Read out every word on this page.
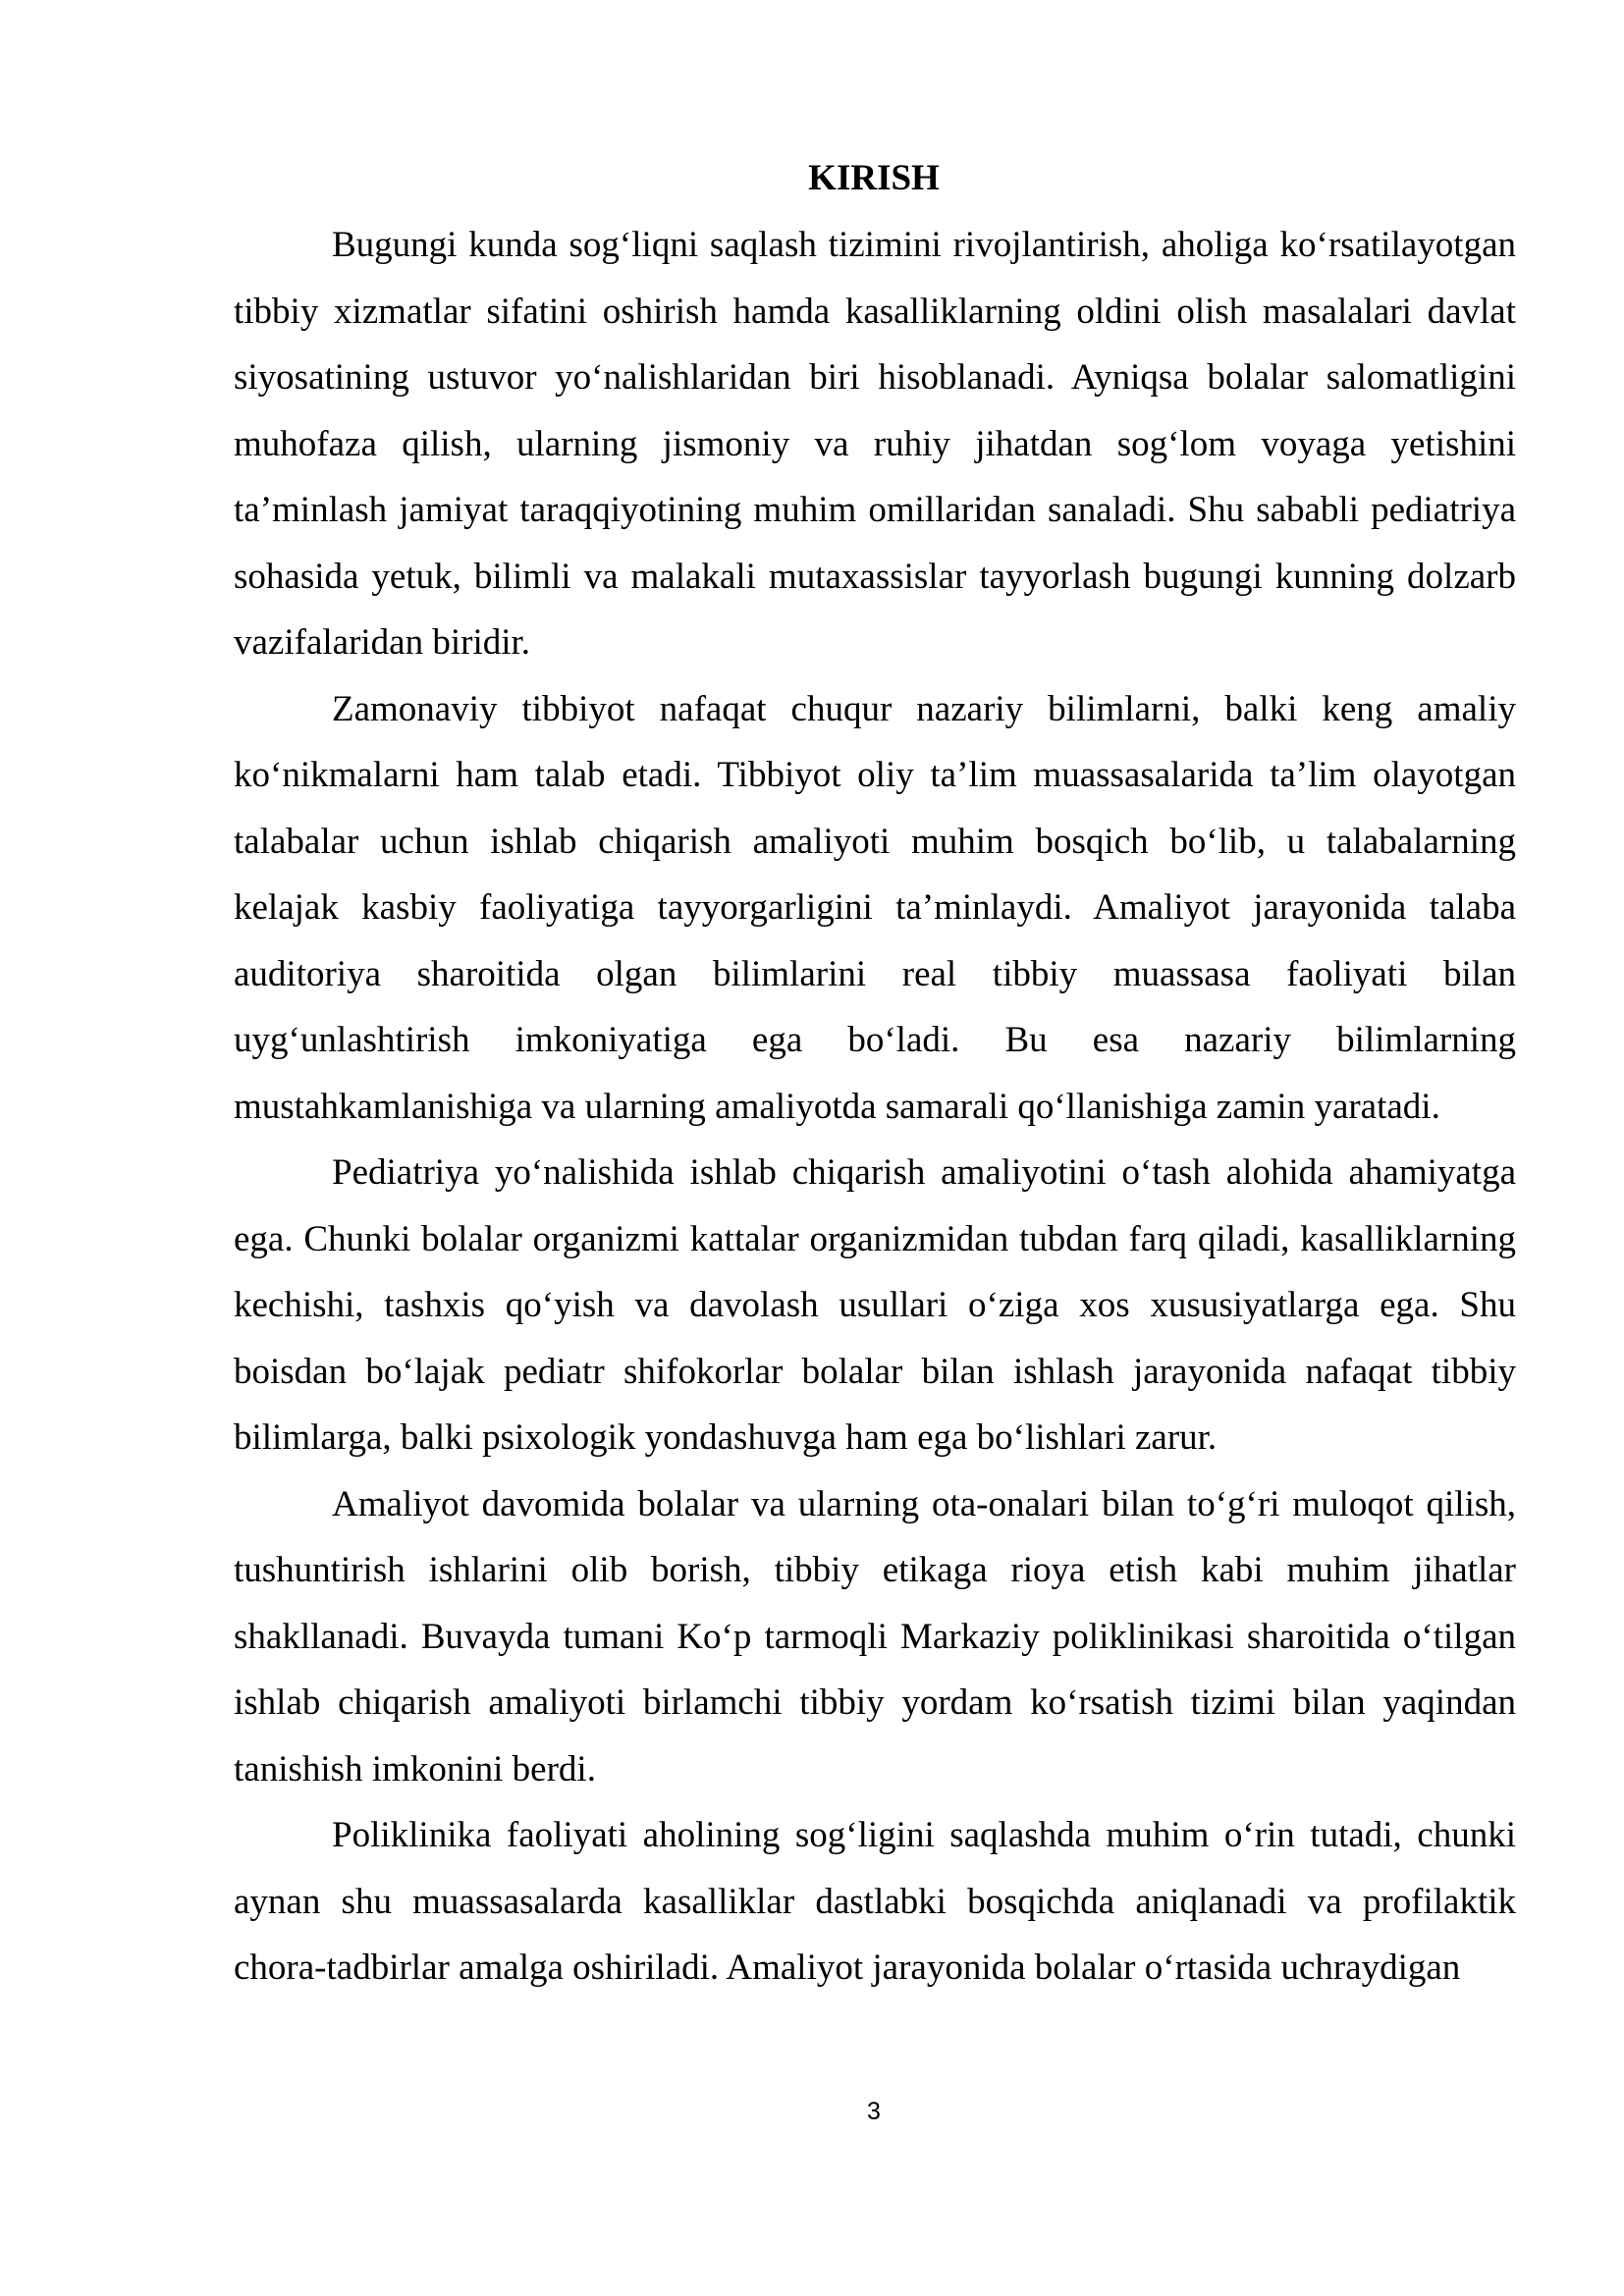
KIRISH

Bugungi kunda sog‘liqni saqlash tizimini rivojlantirish, aholiga ko‘rsatilayotgan tibbiy xizmatlar sifatini oshirish hamda kasalliklarning oldini olish masalalari davlat siyosatining ustuvor yo‘nalishlaridan biri hisoblanadi. Ayniqsa bolalar salomatligini muhofaza qilish, ularning jismoniy va ruhiy jihatdan sog‘lom voyaga yetishini ta’minlash jamiyat taraqqiyotining muhim omillaridan sanaladi. Shu sababli pediatriya sohasida yetuk, bilimli va malakali mutaxassislar tayyorlash bugungi kunning dolzarb vazifalaridan biridir.

Zamonaviy tibbiyot nafaqat chuqur nazariy bilimlarni, balki keng amaliy ko‘nikmalarni ham talab etadi. Tibbiyot oliy ta’lim muassasalarida ta’lim olayotgan talabalar uchun ishlab chiqarish amaliyoti muhim bosqich bo‘lib, u talabalarning kelajak kasbiy faoliyatiga tayyorgarligini ta’minlaydi. Amaliyot jarayonida talaba auditoriya sharoitida olgan bilimlarini real tibbiy muassasa faoliyati bilan uyg‘unlashtirish imkoniyatiga ega bo‘ladi. Bu esa nazariy bilimlarning mustahkamlanishiga va ularning amaliyotda samarali qo‘llanishiga zamin yaratadi.

Pediatriya yo‘nalishida ishlab chiqarish amaliyotini o‘tash alohida ahamiyatga ega. Chunki bolalar organizmi kattalar organizmidan tubdan farq qiladi, kasalliklarning kechishi, tashxis qo‘yish va davolash usullari o‘ziga xos xususiyatlarga ega. Shu boisdan bo‘lajak pediatr shifokorlar bolalar bilan ishlash jarayonida nafaqat tibbiy bilimlarga, balki psixologik yondashuvga ham ega bo‘lishlari zarur.

Amaliyot davomida bolalar va ularning ota-onalari bilan to‘g‘ri muloqot qilish, tushuntirish ishlarini olib borish, tibbiy etikaga rioya etish kabi muhim jihatlar shakllanadi. Buvayda tumani Ko‘p tarmoqli Markaziy poliklinikasi sharoitida o‘tilgan ishlab chiqarish amaliyoti birlamchi tibbiy yordam ko‘rsatish tizimi bilan yaqindan tanishish imkonini berdi.

Poliklinika faoliyati aholining sog‘ligini saqlashda muhim o‘rin tutadi, chunki aynan shu muassasalarda kasalliklar dastlabki bosqichda aniqlanadi va profilaktik chora-tadbirlar amalga oshiriladi. Amaliyot jarayonida bolalar o‘rtasida uchraydigan

3
